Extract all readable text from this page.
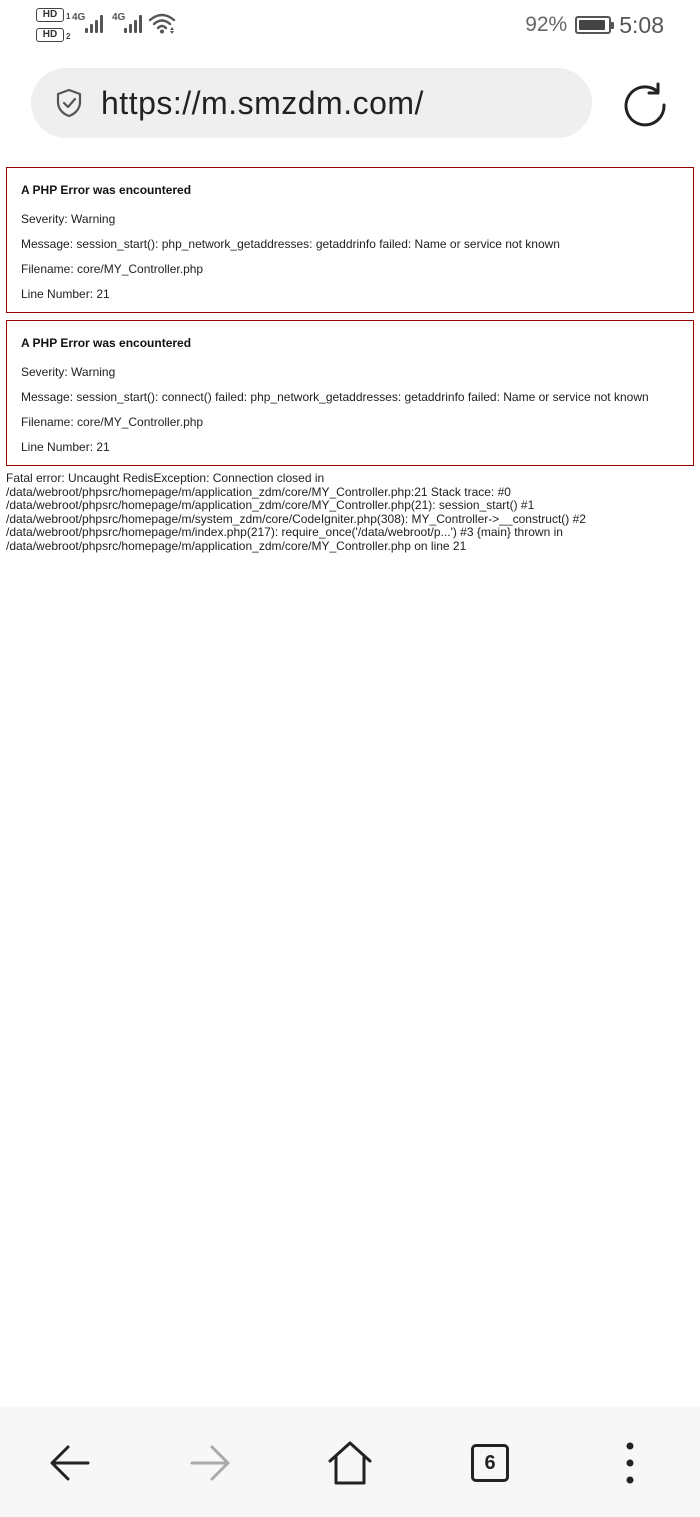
HD	1
HD	2
4G	4G	92% 5:08
https://m.smzdm.com/
A PHP Error was encountered
Severity: Warning
Message: session_start(): php_network_getaddresses: getaddrinfo failed: Name or service not known
Filename: core/MY_Controller.php
Line Number: 21
A PHP Error was encountered
Severity: Warning
Message: session_start(): connect() failed: php_network_getaddresses: getaddrinfo failed: Name or service not known
Filename: core/MY_Controller.php
Line Number: 21

Fatal error: Uncaught RedisException: Connection closed in

/data/webroot/phpsrc/homepage/m/application_zdm/core/MY_Controller.php:21 Stack trace: #0

/data/webroot/phpsrc/homepage/m/application_zdm/core/MY_Controller.php(21): session_start() #1

/data/webroot/phpsrc/homepage/m/system_zdm/core/CodeIgniter.php(308): MY_Controller->__construct() #2

/data/webroot/phpsrc/homepage/m/index.php(217): require_once('/data/webroot/p...') #3 {main} thrown in

/data/webroot/phpsrc/homepage/m/application_zdm/core/MY_Controller.php on line 21

6
